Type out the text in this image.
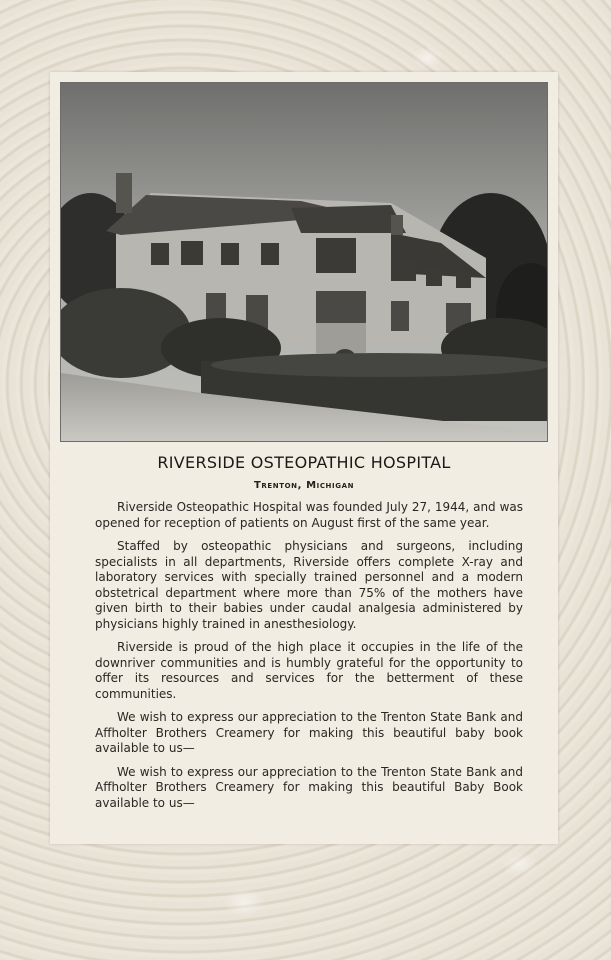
RIVERSIDE OSTEOPATHIC HOSPITAL
Trenton, Michigan

Riverside Osteopathic Hospital was founded July 27, 1944, and was opened for reception of patients on August first of the same year.

Staffed by osteopathic physicians and surgeons, including specialists in all departments, Riverside offers complete X-ray and laboratory services with specially trained personnel and a modern obstetrical department where more than 75% of the mothers have given birth to their babies under caudal analgesia administered by physicians highly trained in anesthesiology.

Riverside is proud of the high place it occupies in the life of the downriver communities and is humbly grateful for the opportunity to offer its resources and services for the betterment of these communities.

We wish to express our appreciation to the Trenton State Bank and Affholter Brothers Creamery for making this beautiful baby book available to us—

We wish to express our appreciation to the Trenton State Bank and Affholter Brothers Creamery for making this beautiful Baby Book available to us—
